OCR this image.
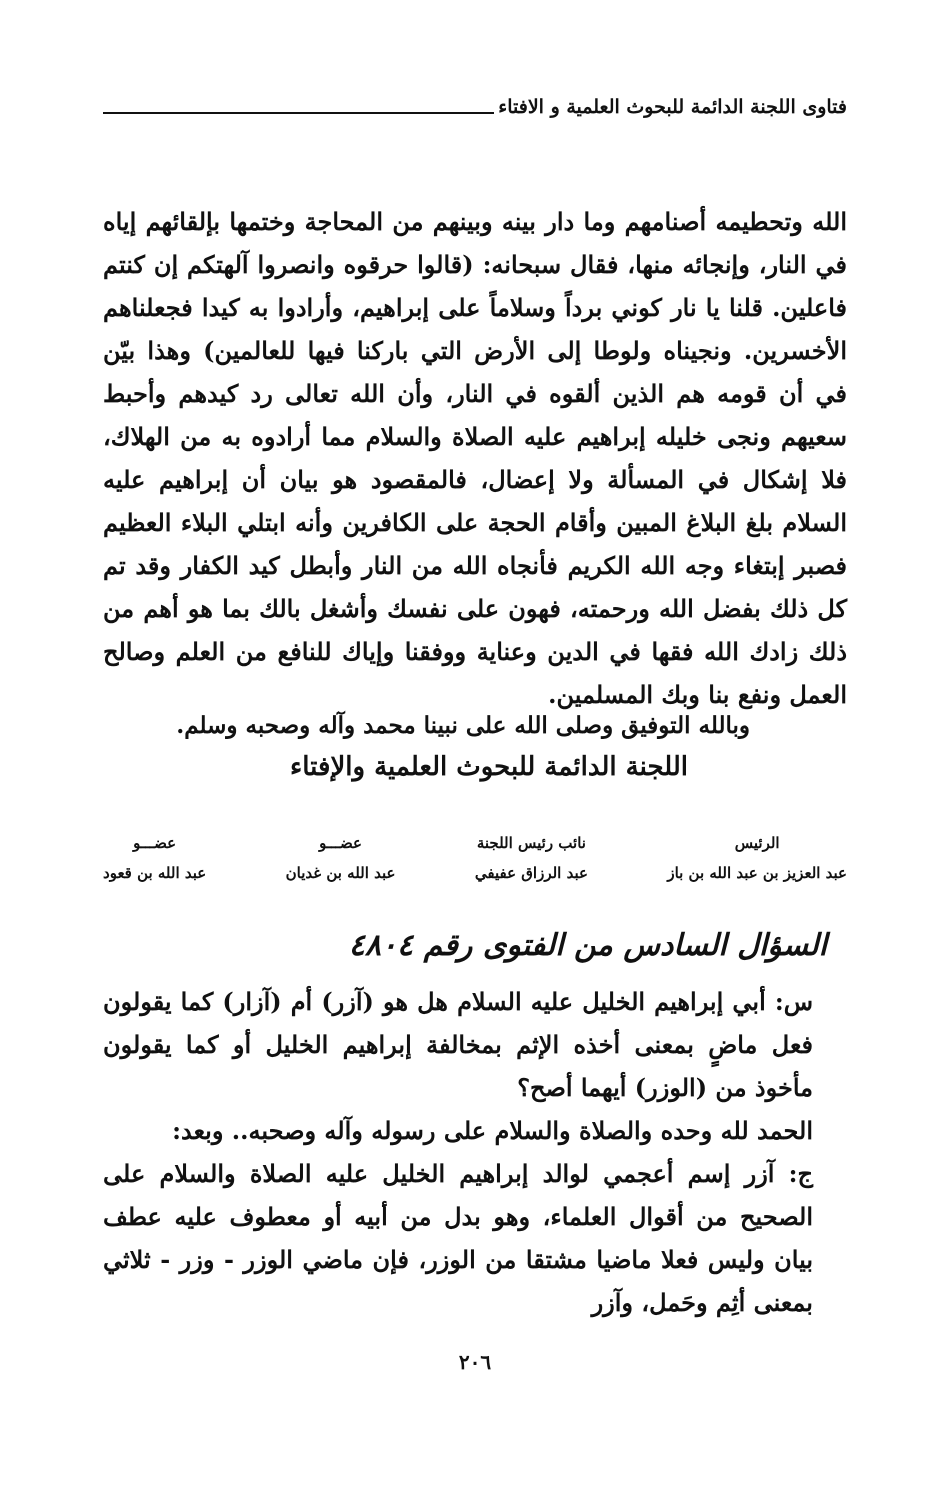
فتاوى اللجنة الدائمة للبحوث العلمية و الافتاء

الله وتحطيمه أصنامهم وما دار بينه وبينهم من المحاجة وختمها بإلقائهم إياه في النار، وإنجائه منها، فقال سبحانه: (قالوا حرقوه وانصروا آلهتكم إن كنتم فاعلين. قلنا يا نار كوني برداً وسلاماً على إبراهيم، وأرادوا به كيدا فجعلناهم الأخسرين. ونجيناه ولوطا إلى الأرض التي باركنا فيها للعالمين) وهذا بيّن في أن قومه هم الذين ألقوه في النار، وأن الله تعالى رد كيدهم وأحبط سعيهم ونجى خليله إبراهيم عليه الصلاة والسلام مما أرادوه به من الهلاك، فلا إشكال في المسألة ولا إعضال، فالمقصود هو بيان أن إبراهيم عليه السلام بلغ البلاغ المبين وأقام الحجة على الكافرين وأنه ابتلي البلاء العظيم فصبر إبتغاء وجه الله الكريم فأنجاه الله من النار وأبطل كيد الكفار وقد تم كل ذلك بفضل الله ورحمته، فهون على نفسك وأشغل بالك بما هو أهم من ذلك زادك الله فقها في الدين وعناية ووفقنا وإياك للنافع من العلم وصالح العمل ونفع بنا وبك المسلمين.

وبالله التوفيق وصلى الله على نبينا محمد وآله وصحبه وسلم.
اللجنة الدائمة للبحوث العلمية والإفتاء
الرئيس
عبد العزيز بن عبد الله بن باز
نائب رئيس اللجنة
عبد الرزاق عفيفي
عضـــو
عبد الله بن غديان
عضـــو
عبد الله بن قعود
السؤال السادس من الفتوى رقم ٤٨٠٤

س: أبي إبراهيم الخليل عليه السلام هل هو (آزر) أم (آزار) كما يقولون فعل ماضٍ بمعنى أخذه الإثم بمخالفة إبراهيم الخليل أو كما يقولون مأخوذ من (الوزر) أيهما أصح؟

الحمد لله وحده والصلاة والسلام على رسوله وآله وصحبه.. وبعد:

ج: آزر إسم أعجمي لوالد إبراهيم الخليل عليه الصلاة والسلام على الصحيح من أقوال العلماء، وهو بدل من أبيه أو معطوف عليه عطف بيان وليس فعلا ماضيا مشتقا من الوزر، فإن ماضي الوزر - وزر - ثلاثي بمعنى أثِم وحَمل، وآزر

٢٠٦
